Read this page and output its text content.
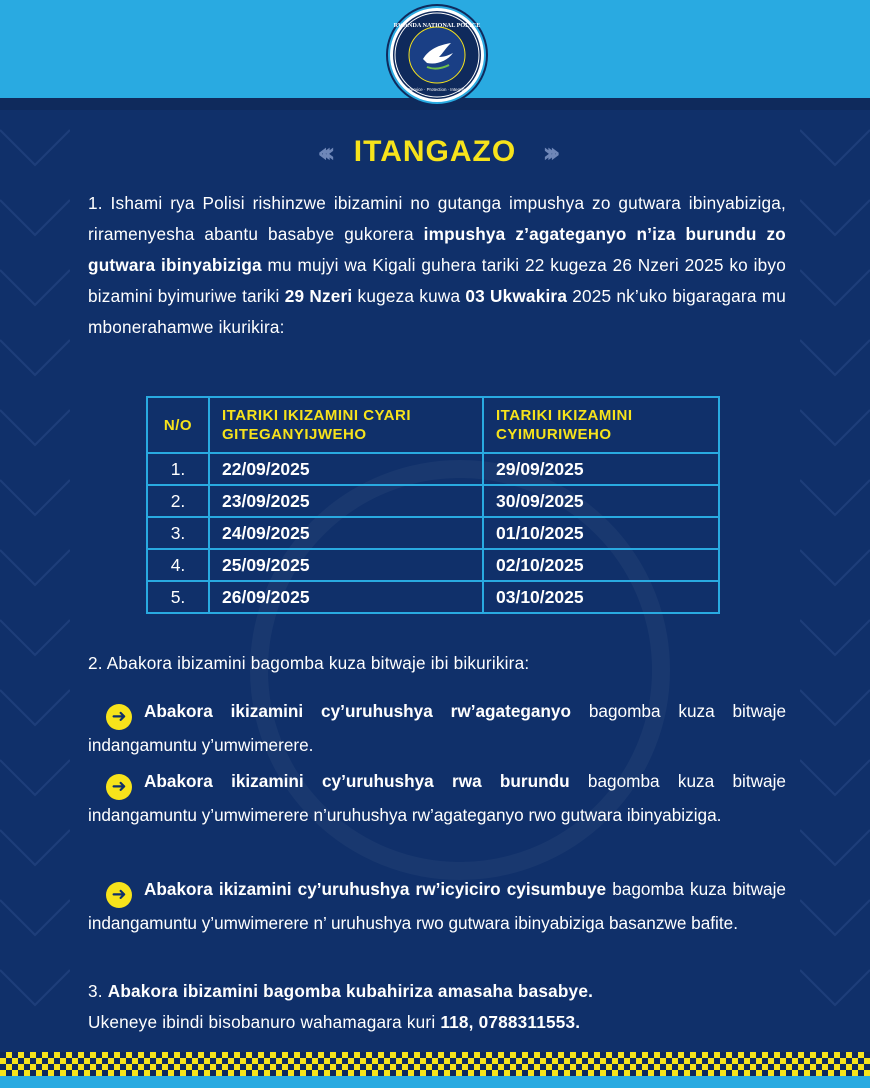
RWANDA NATIONAL POLICE
Service · Protection · Integrity
‹‹‹ ITANGAZO ›››

1. Ishami rya Polisi rishinzwe ibizamini no gutanga impushya zo gutwara ibinyabiziga, riramenyesha abantu basabye gukorera impushya z’agateganyo n’iza burundu zo gutwara ibinyabiziga mu mujyi wa Kigali guhera tariki 22 kugeza 26 Nzeri 2025 ko ibyo bizamini byimuriwe tariki 29 Nzeri kugeza kuwa 03 Ukwakira 2025 nk’uko bigaragara mu mbonerahamwe ikurikira:

N/O	ITARIKI IKIZAMINI CYARI GITEGANYIJWEHO	ITARIKI IKIZAMINI CYIMURIWEHO
1.	22/09/2025	29/09/2025
2.	23/09/2025	30/09/2025
3.	24/09/2025	01/10/2025
4.	25/09/2025	02/10/2025
5.	26/09/2025	03/10/2025

2. Abakora ibizamini bagomba kuza bitwaje ibi bikurikira:

➜ Abakora ikizamini cy’uruhushya rw’agateganyo bagomba kuza bitwaje indangamuntu y’umwimerere.

➜ Abakora ikizamini cy’uruhushya rwa burundu bagomba kuza bitwaje indangamuntu y’umwimerere n’uruhushya rw’agateganyo rwo gutwara ibinyabiziga.

➜ Abakora ikizamini cy’uruhushya rw’icyiciro cyisumbuye bagomba kuza bitwaje indangamuntu y’umwimerere n’ uruhushya rwo gutwara ibinyabiziga basanzwe bafite.

3. Abakora ibizamini bagomba kubahiriza amasaha basabye.
Ukeneye ibindi bisobanuro wahamagara kuri 118, 0788311553.
